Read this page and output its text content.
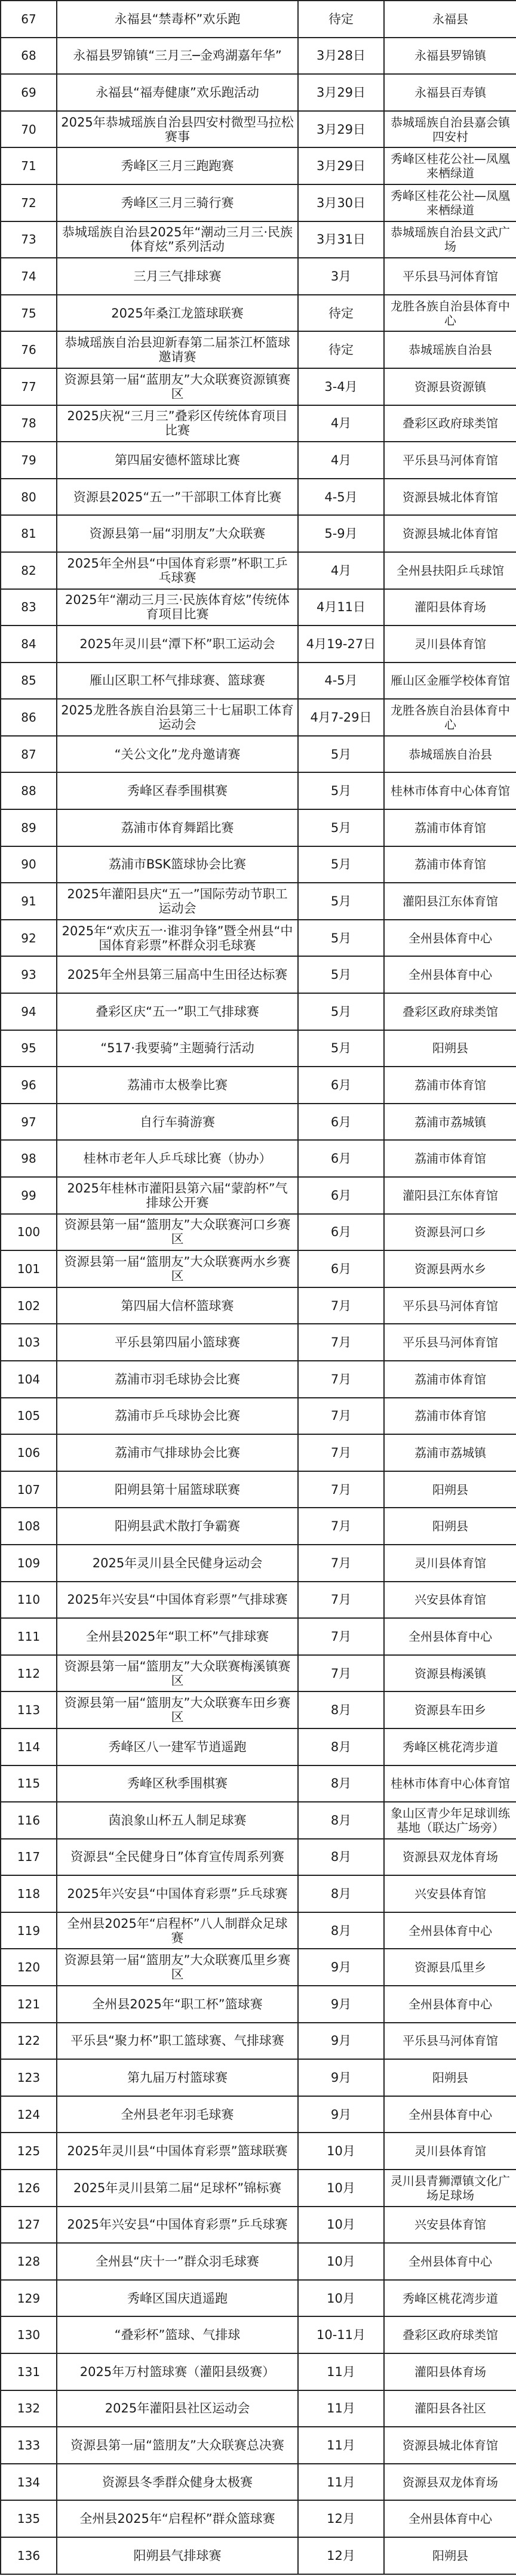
67	永福县“禁毒杯”欢乐跑	待定	永福县
68	永福县罗锦镇“三月三─金鸡湖嘉年华”	3月28日	永福县罗锦镇
69	永福县“福寿健康”欢乐跑活动	3月29日	永福县百寿镇
70	2025年恭城瑶族自治县四安村微型马拉松赛事	3月29日	恭城瑶族自治县嘉会镇四安村
71	秀峰区三月三跑跑赛	3月29日	秀峰区桂花公社—凤凰来栖绿道
72	秀峰区三月三骑行赛	3月30日	秀峰区桂花公社—凤凰来栖绿道
73	恭城瑶族自治县2025年“潮动三月三·民族体育炫”系列活动	3月31日	恭城瑶族自治县文武广场
74	三月三气排球赛	3月	平乐县马河体育馆
75	2025年桑江龙篮球联赛	待定	龙胜各族自治县体育中心
76	恭城瑶族自治县迎新春第二届茶江杯篮球邀请赛	待定	恭城瑶族自治县
77	资源县第一届“蓝朋友”大众联赛资源镇赛区	3-4月	资源县资源镇
78	2025庆祝“三月三”叠彩区传统体育项目比赛	4月	叠彩区政府球类馆
79	第四届安德杯篮球比赛	4月	平乐县马河体育馆
80	资源县2025“五一”干部职工体育比赛	4-5月	资源县城北体育馆
81	资源县第一届“羽朋友”大众联赛	5-9月	资源县城北体育馆
82	2025年全州县“中国体育彩票”杯职工乒乓球赛	4月	全州县扶阳乒乓球馆
83	2025年“潮动三月三·民族体育炫”传统体育项目比赛	4月11日	灌阳县体育场
84	2025年灵川县“潭下杯”职工运动会	4月19-27日	灵川县体育馆
85	雁山区职工杯气排球赛、篮球赛	4-5月	雁山区金雁学校体育馆
86	2025龙胜各族自治县第三十七届职工体育运动会	4月7-29日	龙胜各族自治县体育中心
87	“关公文化”龙舟邀请赛	5月	恭城瑶族自治县
88	秀峰区春季围棋赛	5月	桂林市体育中心体育馆
89	荔浦市体育舞蹈比赛	5月	荔浦市体育馆
90	荔浦市BSK篮球协会比赛	5月	荔浦市体育馆
91	2025年灌阳县庆“五一”国际劳动节职工运动会	5月	灌阳县江东体育馆
92	2025年“欢庆五一·谁羽争锋”暨全州县“中国体育彩票”杯群众羽毛球赛	5月	全州县体育中心
93	2025年全州县第三届高中生田径达标赛	5月	全州县体育中心
94	叠彩区庆“五一”职工气排球赛	5月	叠彩区政府球类馆
95	“517·我要骑”主题骑行活动	5月	阳朔县
96	荔浦市太极拳比赛	6月	荔浦市体育馆
97	自行车骑游赛	6月	荔浦市荔城镇
98	桂林市老年人乒乓球比赛（协办）	6月	荔浦市体育馆
99	2025年桂林市灌阳县第六届“蒙韵杯”气排球公开赛	6月	灌阳县江东体育馆
100	资源县第一届“篮朋友”大众联赛河口乡赛区	6月	资源县河口乡
101	资源县第一届“篮朋友”大众联赛两水乡赛区	6月	资源县两水乡
102	第四届大信杯篮球赛	7月	平乐县马河体育馆
103	平乐县第四届小篮球赛	7月	平乐县马河体育馆
104	荔浦市羽毛球协会比赛	7月	荔浦市体育馆
105	荔浦市乒乓球协会比赛	7月	荔浦市体育馆
106	荔浦市气排球协会比赛	7月	荔浦市荔城镇
107	阳朔县第十届篮球联赛	7月	阳朔县
108	阳朔县武术散打争霸赛	7月	阳朔县
109	2025年灵川县全民健身运动会	7月	灵川县体育馆
110	2025年兴安县“中国体育彩票”气排球赛	7月	兴安县体育馆
111	全州县2025年“职工杯”气排球赛	7月	全州县体育中心
112	资源县第一届“篮朋友”大众联赛梅溪镇赛区	7月	资源县梅溪镇
113	资源县第一届“篮朋友”大众联赛车田乡赛区	8月	资源县车田乡
114	秀峰区八一建军节逍遥跑	8月	秀峰区桃花湾步道
115	秀峰区秋季围棋赛	8月	桂林市体育中心体育馆
116	茵浪象山杯五人制足球赛	8月	象山区青少年足球训练基地（联达广场旁）
117	资源县“全民健身日”体育宣传周系列赛	8月	资源县双龙体育场
118	2025年兴安县“中国体育彩票”乒乓球赛	8月	兴安县体育馆
119	全州县2025年“启程杯”八人制群众足球赛	8月	全州县体育中心
120	资源县第一届“篮朋友”大众联赛瓜里乡赛区	9月	资源县瓜里乡
121	全州县2025年“职工杯”篮球赛	9月	全州县体育中心
122	平乐县“聚力杯”职工篮球赛、气排球赛	9月	平乐县马河体育馆
123	第九届万村篮球赛	9月	阳朔县
124	全州县老年羽毛球赛	9月	全州县体育中心
125	2025年灵川县“中国体育彩票”篮球联赛	10月	灵川县体育馆
126	2025年灵川县第二届“足球杯”锦标赛	10月	灵川县青狮潭镇文化广场足球场
127	2025年兴安县“中国体育彩票”乒乓球赛	10月	兴安县体育馆
128	全州县“庆十一”群众羽毛球赛	10月	全州县体育中心
129	秀峰区国庆逍遥跑	10月	秀峰区桃花湾步道
130	“叠彩杯”篮球、气排球	10-11月	叠彩区政府球类馆
131	2025年万村篮球赛（灌阳县级赛）	11月	灌阳县体育场
132	2025年灌阳县社区运动会	11月	灌阳县各社区
133	资源县第一届“篮朋友”大众联赛总决赛	11月	资源县城北体育馆
134	资源县冬季群众健身太极赛	11月	资源县双龙体育场
135	全州县2025年“启程杯”群众篮球赛	12月	全州县体育中心
136	阳朔县气排球赛	12月	阳朔县
